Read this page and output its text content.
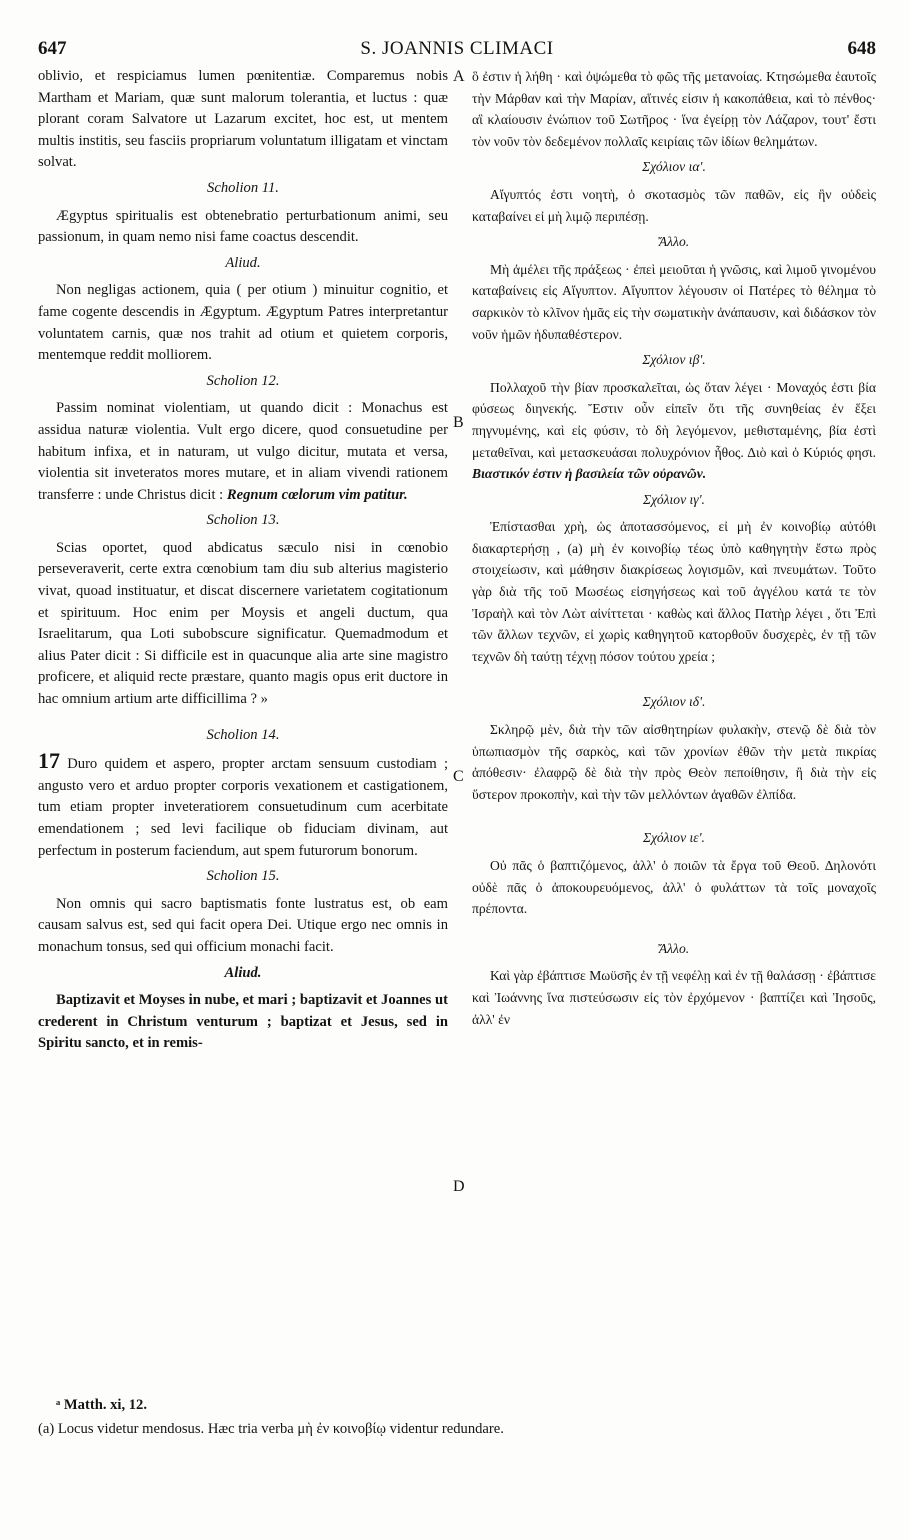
647	S. JOANNIS CLIMACI	648
A
B
C
D

oblivio, et respiciamus lumen pœnitentiæ. Comparemus nobis Martham et Mariam, quæ sunt malorum tolerantia, et luctus : quæ plorant coram Salvatore ut Lazarum excitet, hoc est, ut mentem multis institis, seu fasciis propriarum voluntatum illigatam et vinctam solvat.

Scholion 11.

Ægyptus spiritualis est obtenebratio perturbationum animi, seu passionum, in quam nemo nisi fame coactus descendit.

Aliud.

Non negligas actionem, quia ( per otium ) minuitur cognitio, et fame cogente descendis in Ægyptum. Ægyptum Patres interpretantur voluntatem carnis, quæ nos trahit ad otium et quietem corporis, mentemque reddit molliorem.

Scholion 12.

Passim nominat violentiam, ut quando dicit : Monachus est assidua naturæ violentia. Vult ergo dicere, quod consuetudine per habitum infixa, et in naturam, ut vulgo dicitur, mutata et versa, violentia sit inveteratos mores mutare, et in aliam vivendi rationem transferre : unde Christus dicit : Regnum cœlorum vim patitur.

Scholion 13.

Scias oportet, quod abdicatus sæculo nisi in cœnobio perseveraverit, certe extra cœnobium tam diu sub alterius magisterio vivat, quoad instituatur, et discat discernere varietatem cogitationum et spirituum. Hoc enim per Moysis et angeli ductum, qua Israelitarum, qua Loti subobscure significatur. Quemadmodum et alius Pater dicit : Si difficile est in quacunque alia arte sine magistro proficere, et aliquid recte præstare, quanto magis opus erit ductore in hac omnium artium arte difficillima ? »

Scholion 14.

17 Duro quidem et aspero, propter arctam sensuum custodiam ; angusto vero et arduo propter corporis vexationem et castigationem, tum etiam propter inveteratiorem consuetudinum cum acerbitate emendationem ; sed levi facilique ob fiduciam divinam, aut perfectum in posterum faciendum, aut spem futurorum bonorum.

Scholion 15.

Non omnis qui sacro baptismatis fonte lustratus est, ob eam causam salvus est, sed qui facit opera Dei. Utique ergo nec omnis in monachum tonsus, sed qui officium monachi facit.

Aliud.

Baptizavit et Moyses in nube, et mari ; baptizavit et Joannes ut crederent in Christum venturum ; baptizat et Jesus, sed in Spiritu sancto, et in remis-

ὃ ἐστιν ἡ λήθη · καὶ ὀψώμεθα τὸ φῶς τῆς μετανοίας. Κτησώμεθα ἑαυτοῖς τὴν Μάρθαν καὶ τὴν Μαρίαν, αἵτινές εἰσιν ἡ κακοπάθεια, καὶ τὸ πένθος· αἳ κλαίουσιν ἐνώπιον τοῦ Σωτῆρος · ἵνα ἐγείρῃ τὸν Λάζαρον, τουτ' ἔστι τὸν νοῦν τὸν δεδεμένον πολλαῖς κειρίαις τῶν ἰδίων θελημάτων.

Σχόλιον ια'.

Αἴγυπτός ἐστι νοητὴ, ὁ σκοτασμὸς τῶν παθῶν, εἰς ἣν οὐδεὶς καταβαίνει εἰ μὴ λιμῷ περιπέσῃ.

Ἄλλο.

Μὴ ἀμέλει τῆς πράξεως · ἐπεὶ μειοῦται ἡ γνῶσις, καὶ λιμοῦ γινομένου καταβαίνεις εἰς Αἴγυπτον. Αἴγυπτον λέγουσιν οἱ Πατέρες τὸ θέλημα τὸ σαρκικὸν τὸ κλῖνον ἡμᾶς εἰς τὴν σωματικὴν ἀνάπαυσιν, καὶ διδάσκον τὸν νοῦν ἡμῶν ἡδυπαθέστερον.

Σχόλιον ιβ'.

Πολλαχοῦ τὴν βίαν προσκαλεῖται, ὡς ὅταν λέγει · Μοναχός ἐστι βία φύσεως διηνεκής. Ἔστιν οὖν εἰπεῖν ὅτι τῆς συνηθείας ἐν ἕξει πηγνυμένης, καὶ εἰς φύσιν, τὸ δὴ λεγόμενον, μεθισταμένης, βία ἐστὶ μεταθεῖναι, καὶ μετασκευάσαι πολυχρόνιον ἦθος. Διὸ καὶ ὁ Κύριός φησι. Βιαστικόν ἐστιν ἡ βασιλεία τῶν οὐρανῶν.

Σχόλιον ιγ'.

Ἐπίστασθαι χρὴ, ὡς ἀποτασσόμενος, εἰ μὴ ἐν κοινοβίῳ αὐτόθι διακαρτερήσῃ , (a) μὴ ἐν κοινοβίῳ τέως ὑπὸ καθηγητὴν ἔστω πρὸς στοιχείωσιν, καὶ μάθησιν διακρίσεως λογισμῶν, καὶ πνευμάτων. Τοῦτο γὰρ διὰ τῆς τοῦ Μωσέως εἰσηγήσεως καὶ τοῦ ἀγγέλου κατά τε τὸν Ἰσραὴλ καὶ τὸν Λὼτ αἰνίττεται · καθὼς καὶ ἄλλος Πατὴρ λέγει , ὅτι Ἐπὶ τῶν ἄλλων τεχνῶν, εἰ χωρὶς καθηγητοῦ κατορθοῦν δυσχερὲς, ἐν τῇ τῶν τεχνῶν δὴ ταύτῃ τέχνῃ πόσον τούτου χρεία ;

Σχόλιον ιδ'.

Σκληρῷ μὲν, διὰ τὴν τῶν αἰσθητηρίων φυλακὴν, στενῷ δὲ διὰ τὸν ὑπωπιασμὸν τῆς σαρκὸς, καὶ τῶν χρονίων ἐθῶν τὴν μετὰ πικρίας ἀπόθεσιν· ἐλαφρῷ δὲ διὰ τὴν πρὸς Θεὸν πεποίθησιν, ἢ διὰ τὴν εἰς ὕστερον προκοπὴν, καὶ τὴν τῶν μελλόντων ἀγαθῶν ἐλπίδα.

Σχόλιον ιε'.

Οὐ πᾶς ὁ βαπτιζόμενος, ἀλλ' ὁ ποιῶν τὰ ἔργα τοῦ Θεοῦ. Δηλονότι οὐδὲ πᾶς ὁ ἀποκουρευόμενος, ἀλλ' ὁ φυλάττων τὰ τοῖς μοναχοῖς πρέποντα.

Ἄλλο.

Καὶ γὰρ ἐβάπτισε Μωϋσῆς ἐν τῇ νεφέλῃ καὶ ἐν τῇ θαλάσσῃ · ἐβάπτισε καὶ Ἰωάννης ἵνα πιστεύσωσιν εἰς τὸν ἐρχόμενον · βαπτίζει καὶ Ἰησοῦς, ἀλλ' ἐν

ᵃ Matth. xi, 12.

(a) Locus videtur mendosus. Hæc tria verba μὴ ἐν κοινοβίῳ videntur redundare.
